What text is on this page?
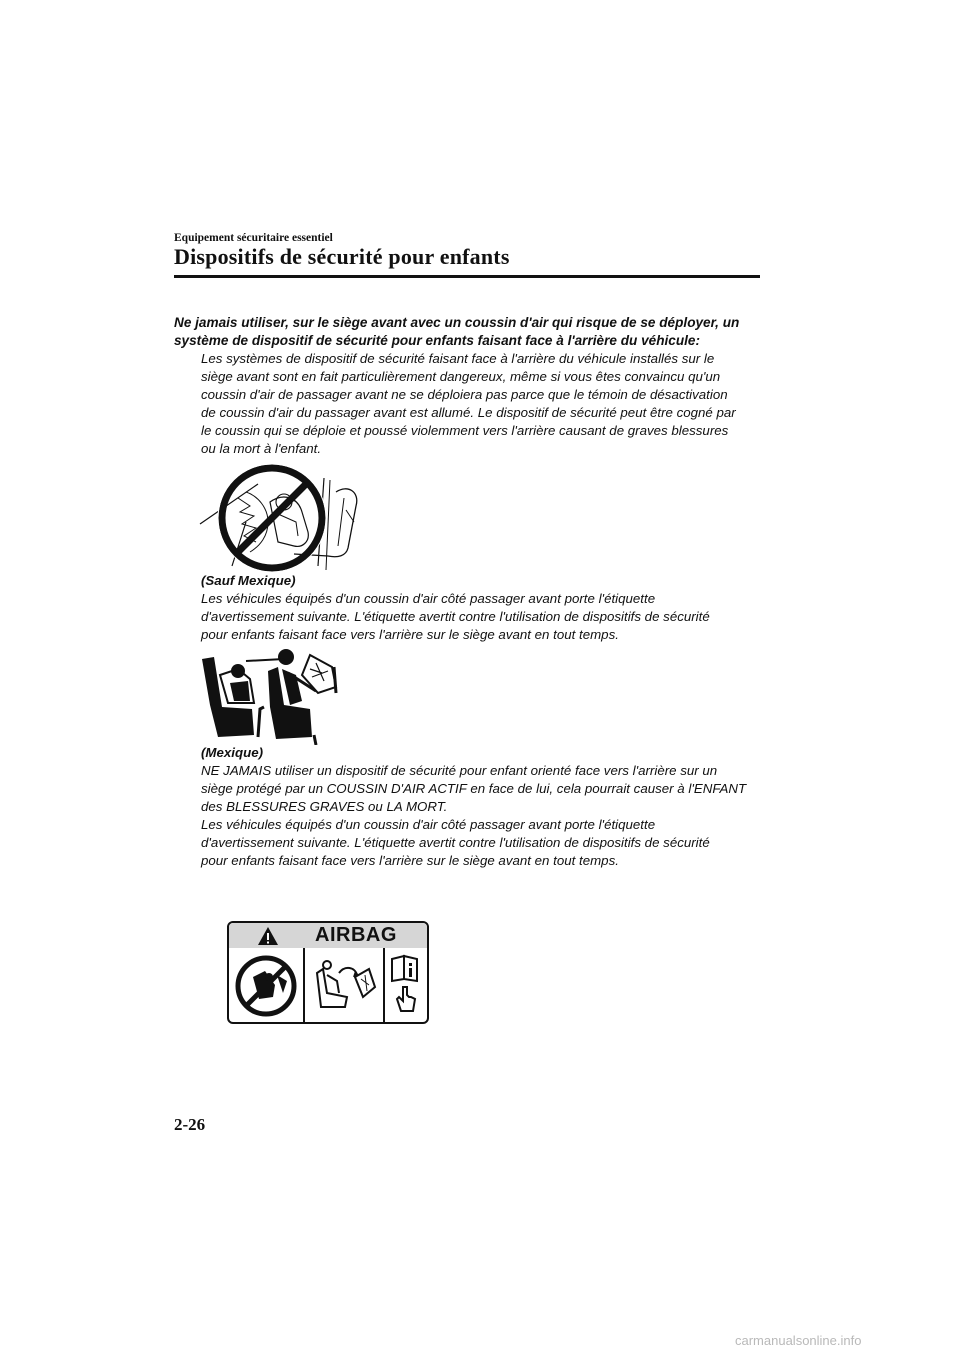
Equipement sécuritaire essentiel
Dispositifs de sécurité pour enfants
Ne jamais utiliser, sur le siège avant avec un coussin d'air qui risque de se déployer, un
système de dispositif de sécurité pour enfants faisant face à l'arrière du véhicule:
Les systèmes de dispositif de sécurité faisant face à l'arrière du véhicule installés sur le
siège avant sont en fait particulièrement dangereux, même si vous êtes convaincu qu'un
coussin d'air de passager avant ne se déploiera pas parce que le témoin de désactivation
de coussin d'air du passager avant est allumé. Le dispositif de sécurité peut être cogné par
le coussin qui se déploie et poussé violemment vers l'arrière causant de graves blessures
ou la mort à l'enfant.
(Sauf Mexique)
Les véhicules équipés d'un coussin d'air côté passager avant porte l'étiquette
d'avertissement suivante. L'étiquette avertit contre l'utilisation de dispositifs de sécurité
pour enfants faisant face vers l'arrière sur le siège avant en tout temps.
(Mexique)
NE JAMAIS utiliser un dispositif de sécurité pour enfant orienté face vers l'arrière sur un
siège protégé par un COUSSIN D'AIR ACTIF en face de lui, cela pourrait causer à l'ENFANT
des BLESSURES GRAVES ou LA MORT.
Les véhicules équipés d'un coussin d'air côté passager avant porte l'étiquette
d'avertissement suivante. L'étiquette avertit contre l'utilisation de dispositifs de sécurité
pour enfants faisant face vers l'arrière sur le siège avant en tout temps.
AIRBAG
2-26
carmanualsonline.info
